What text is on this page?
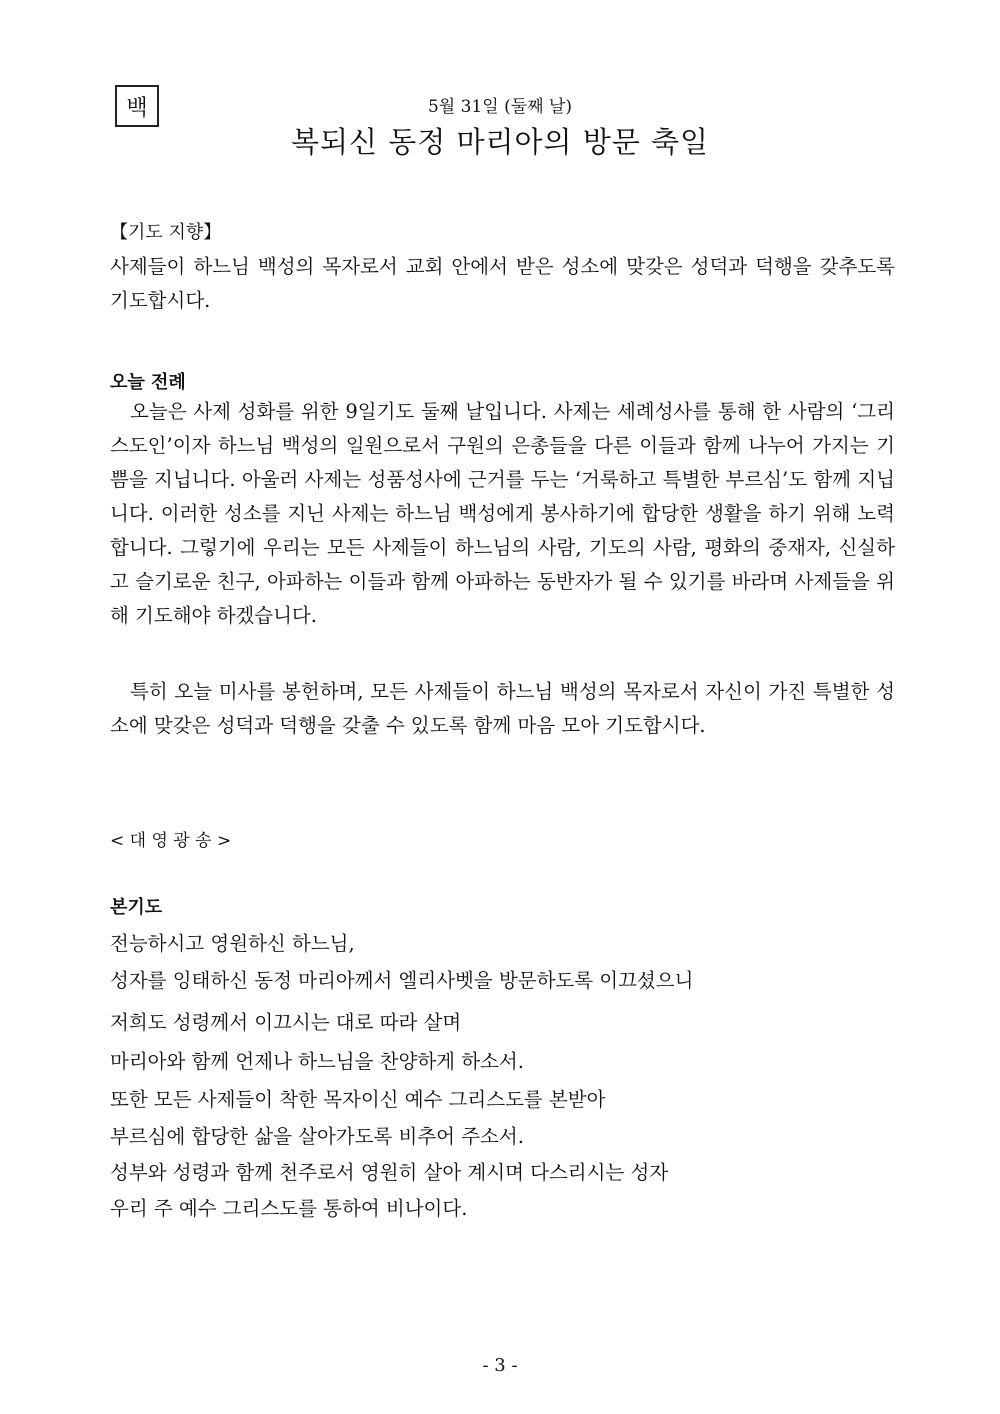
백	5월 31일 (둘째 날)
복되신 동정 마리아의 방문 축일
【기도 지향】

사제들이 하느님 백성의 목자로서 교회 안에서 받은 성소에 맞갖은 성덕과 덕행을 갖추도록 기도합시다.

오늘 전례

오늘은 사제 성화를 위한 9일기도 둘째 날입니다. 사제는 세례성사를 통해 한 사람의 ‘그리스도인’이자 하느님 백성의 일원으로서 구원의 은총들을 다른 이들과 함께 나누어 가지는 기쁨을 지닙니다. 아울러 사제는 성품성사에 근거를 두는 ‘거룩하고 특별한 부르심’도 함께 지닙니다. 이러한 성소를 지닌 사제는 하느님 백성에게 봉사하기에 합당한 생활을 하기 위해 노력합니다. 그렇기에 우리는 모든 사제들이 하느님의 사람, 기도의 사람, 평화의 중재자, 신실하고 슬기로운 친구, 아파하는 이들과 함께 아파하는 동반자가 될 수 있기를 바라며 사제들을 위해 기도해야 하겠습니다.

특히 오늘 미사를 봉헌하며, 모든 사제들이 하느님 백성의 목자로서 자신이 가진 특별한 성소에 맞갖은 성덕과 덕행을 갖출 수 있도록 함께 마음 모아 기도합시다.

< 대 영 광 송 >
본기도
전능하시고 영원하신 하느님,
성자를 잉태하신 동정 마리아께서 엘리사벳을 방문하도록 이끄셨으니
저희도 성령께서 이끄시는 대로 따라 살며
마리아와 함께 언제나 하느님을 찬양하게 하소서.
또한 모든 사제들이 착한 목자이신 예수 그리스도를 본받아
부르심에 합당한 삶을 살아가도록 비추어 주소서.
성부와 성령과 함께 천주로서 영원히 살아 계시며 다스리시는 성자
우리 주 예수 그리스도를 통하여 비나이다.
- 3 -
